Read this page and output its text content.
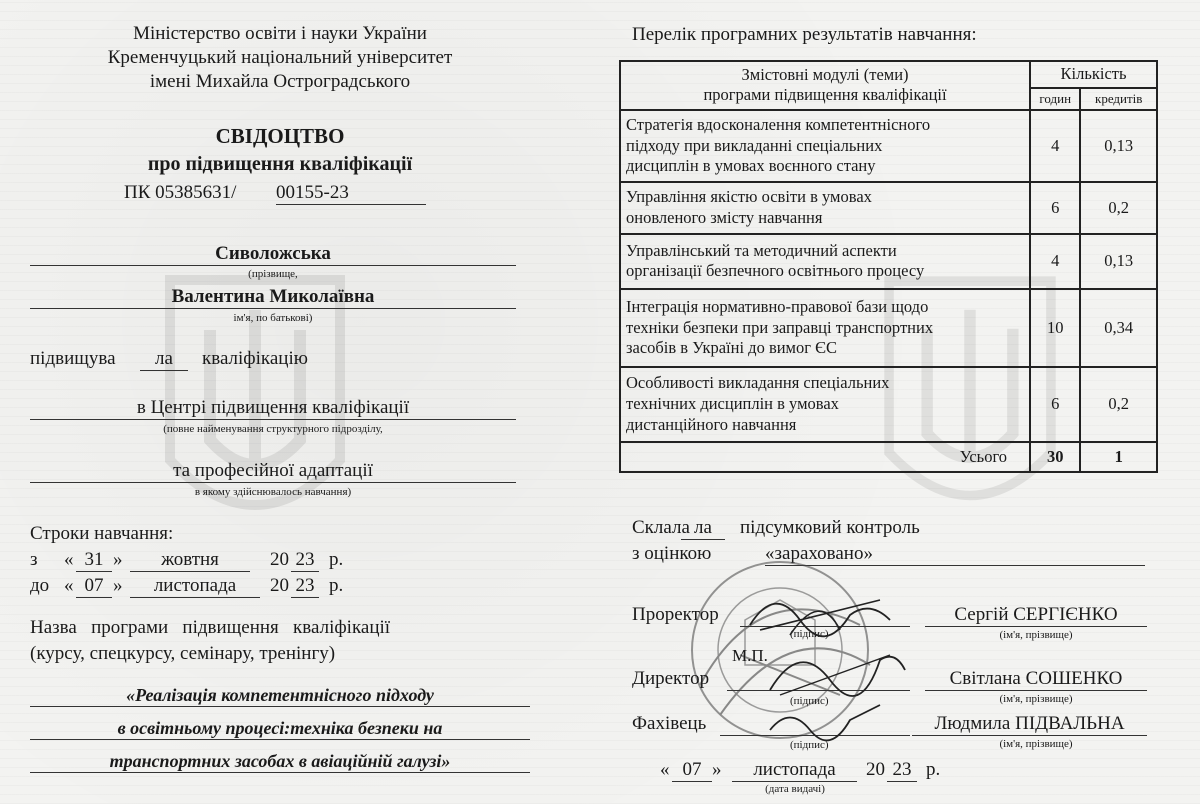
Міністерство освіти і науки України
Кременчуцький національний університет
імені Михайла Остроградського
СВІДОЦТВО
про підвищення кваліфікації
ПК 05385631/ 00155-23
Сиволожська
(прізвище,
Валентина Миколаївна
ім'я, по батькові)
підвищува	ла	кваліфікацію
в Центрі підвищення кваліфікації
(повне найменування структурного підрозділу,
та професійної адаптації
в якому здійснювалось навчання)
Строки навчання:
з « 31 »	жовтня	20 23 р.
до « 07 »	листопада	20 23 р.
Назва   програми   підвищення   кваліфікації
(курсу, спецкурсу, семінару, тренінгу)
«Реалізація компетентнісного підходу
в освітньому процесі:техніка безпеки на
транспортних засобах в авіаційній галузі»
Перелік програмних результатів навчання:
Змістовні модулі (теми)
програми підвищення кваліфікації	Кількість	
	годин	кредитів

Стратегія вдосконалення компетентнісного
підходу при викладанні спеціальних
дисциплін в умовах воєнного стану	4	0,13

Управління якістю освіти в умовах
оновленого змісту навчання	6	0,2

Управлінський та методичний аспекти
організації безпечного освітнього процесу	4	0,13

Інтеграція нормативно-правової бази щодо
техніки безпеки при заправці транспортних
засобів в Україні до вимог ЄС	10	0,34

Особливості викладання спеціальних
технічних дисциплін в умовах
дистанційного навчання	6	0,2
Усього	30	1
Склала ла	підсумковий контроль
з оцінкою	«зараховано»
Проректор
(підпис)
Сергій СЕРГІЄНКО
(ім'я, прізвище)
М.П.
Директор
(підпис)
Світлана СОШЕНКО
(ім'я, прізвище)
Фахівець
(підпис)
Людмила ПІДВАЛЬНА
(ім'я, прізвище)
« 07 »	листопада	20 23 р.
(дата видачі)
